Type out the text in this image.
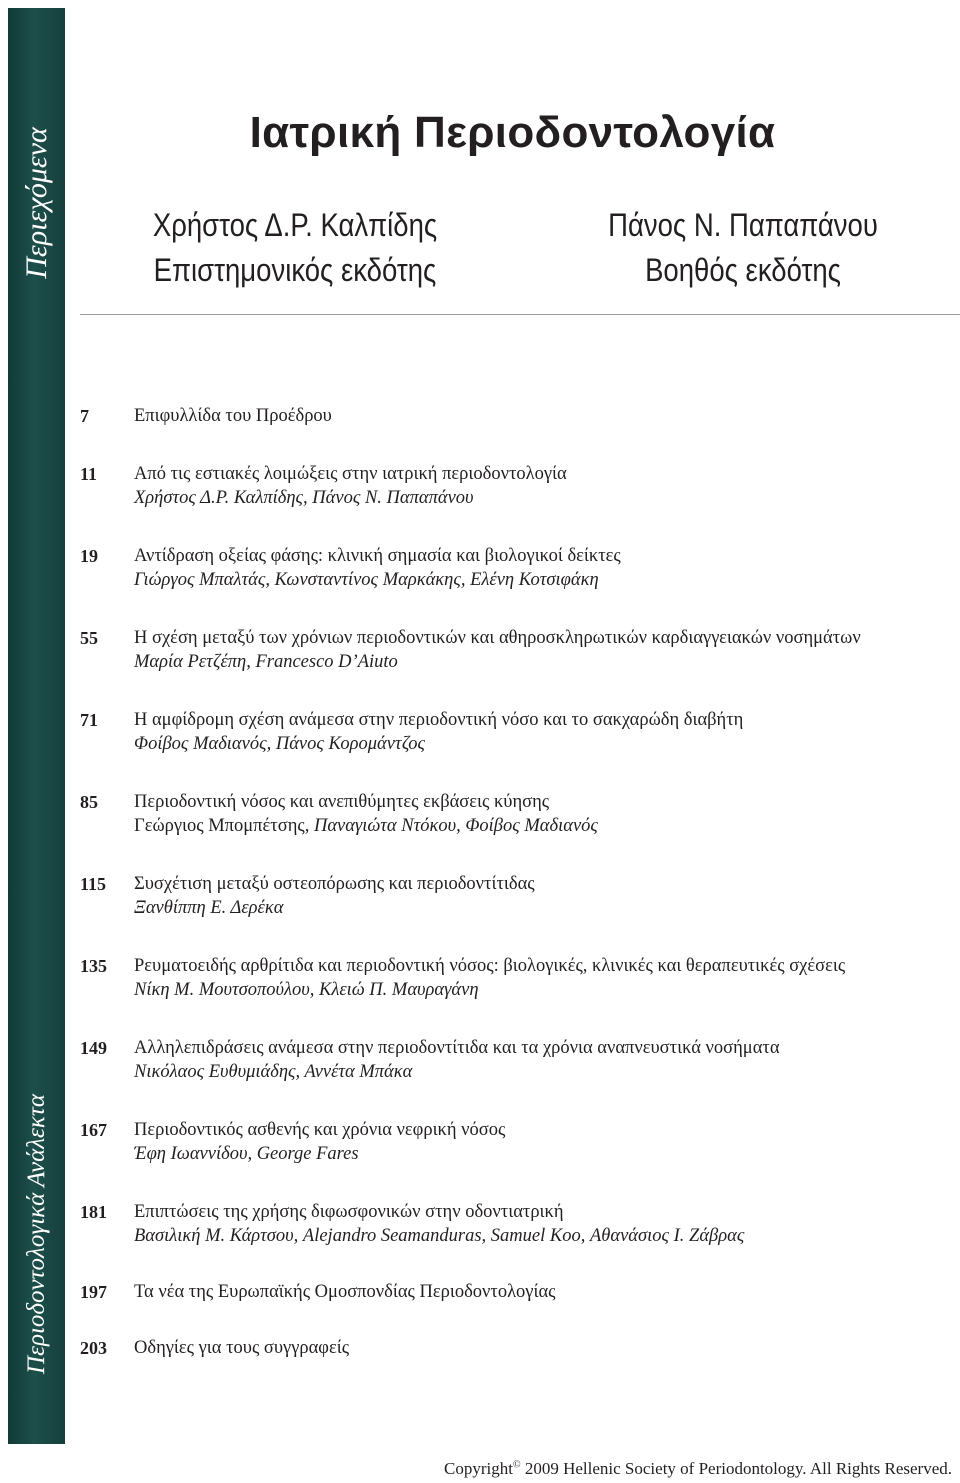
Περιεχόμενα
Περιοδοντολογικά Ανάλεκτα
Ιατρική Περιοδοντολογία
Χρήστος Δ.Ρ. Καλπίδης
Επιστημονικός εκδότης
Πάνος Ν. Παπαπάνου
Βοηθός εκδότης
7	Επιφυλλίδα του Προέδρου
11	Από τις εστιακές λοιμώξεις στην ιατρική περιοδοντολογία
Χρήστος Δ.Ρ. Καλπίδης, Πάνος Ν. Παπαπάνου
19	Αντίδραση οξείας φάσης: κλινική σημασία και βιολογικοί δείκτες
Γιώργος Μπαλτάς, Κωνσταντίνος Μαρκάκης, Ελένη Κοτσιφάκη
55	Η σχέση μεταξύ των χρόνιων περιοδοντικών και αθηροσκληρωτικών καρδιαγγειακών νοσημάτων
Μαρία Ρετζέπη, Francesco D’Aiuto
71	Η αμφίδρομη σχέση ανάμεσα στην περιοδοντική νόσο και το σακχαρώδη διαβήτη
Φοίβος Μαδιανός, Πάνος Κορομάντζος
85	Περιοδοντική νόσος και ανεπιθύμητες εκβάσεις κύησης
Γεώργιος Μπομπέτσης, Παναγιώτα Ντόκου, Φοίβος Μαδιανός
115	Συσχέτιση μεταξύ οστεοπόρωσης και περιοδοντίτιδας
Ξανθίππη Ε. Δερέκα
135	Ρευματοειδής αρθρίτιδα και περιοδοντική νόσος: βιολογικές, κλινικές και θεραπευτικές σχέσεις
Νίκη Μ. Μουτσοπούλου, Κλειώ Π. Μαυραγάνη
149	Αλληλεπιδράσεις ανάμεσα στην περιοδοντίτιδα και τα χρόνια αναπνευστικά νοσήματα
Νικόλαος Ευθυμιάδης, Αννέτα Μπάκα
167	Περιοδοντικός ασθενής και χρόνια νεφρική νόσος
Έφη Ιωαννίδου, George Fares
181	Επιπτώσεις της χρήσης διφωσφονικών στην οδοντιατρική
Βασιλική Μ. Κάρτσου, Alejandro Seamanduras, Samuel Koo, Αθανάσιος Ι. Ζάβρας
197	Τα νέα της Ευρωπαϊκής Ομοσπονδίας Περιοδοντολογίας
203	Οδηγίες για τους συγγραφείς
Copyright© 2009 Hellenic Society of Periodontology. All Rights Reserved.
